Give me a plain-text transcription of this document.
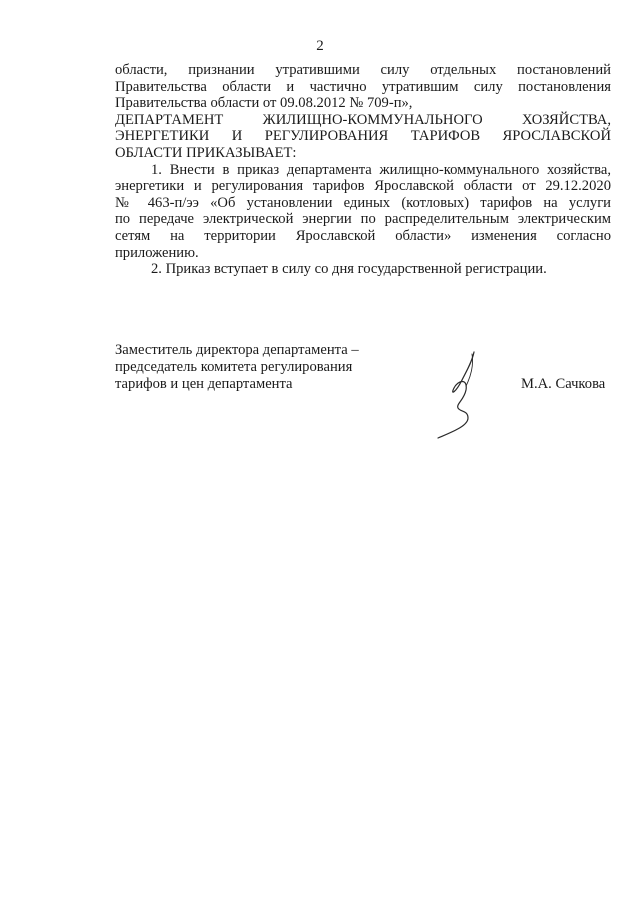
2
области, признании утратившими силу отдельных постановлений
Правительства области и частично утратившим силу постановления
Правительства области от 09.08.2012 № 709-п»,
ДЕПАРТАМЕНТ ЖИЛИЩНО-КОММУНАЛЬНОГО ХОЗЯЙСТВА,
ЭНЕРГЕТИКИ И РЕГУЛИРОВАНИЯ ТАРИФОВ ЯРОСЛАВСКОЙ
ОБЛАСТИ ПРИКАЗЫВАЕТ:
1. Внести в приказ департамента жилищно-коммунального хозяйства,
энергетики и регулирования тарифов Ярославской области от 29.12.2020
№ 463-п/ээ «Об установлении единых (котловых) тарифов на услуги
по передаче электрической энергии по распределительным электрическим
сетям на территории Ярославской области» изменения согласно
приложению.
2. Приказ вступает в силу со дня государственной регистрации.
Заместитель директора департамента –
председатель комитета регулирования
тарифов и цен департамента	М.А. Сачкова
